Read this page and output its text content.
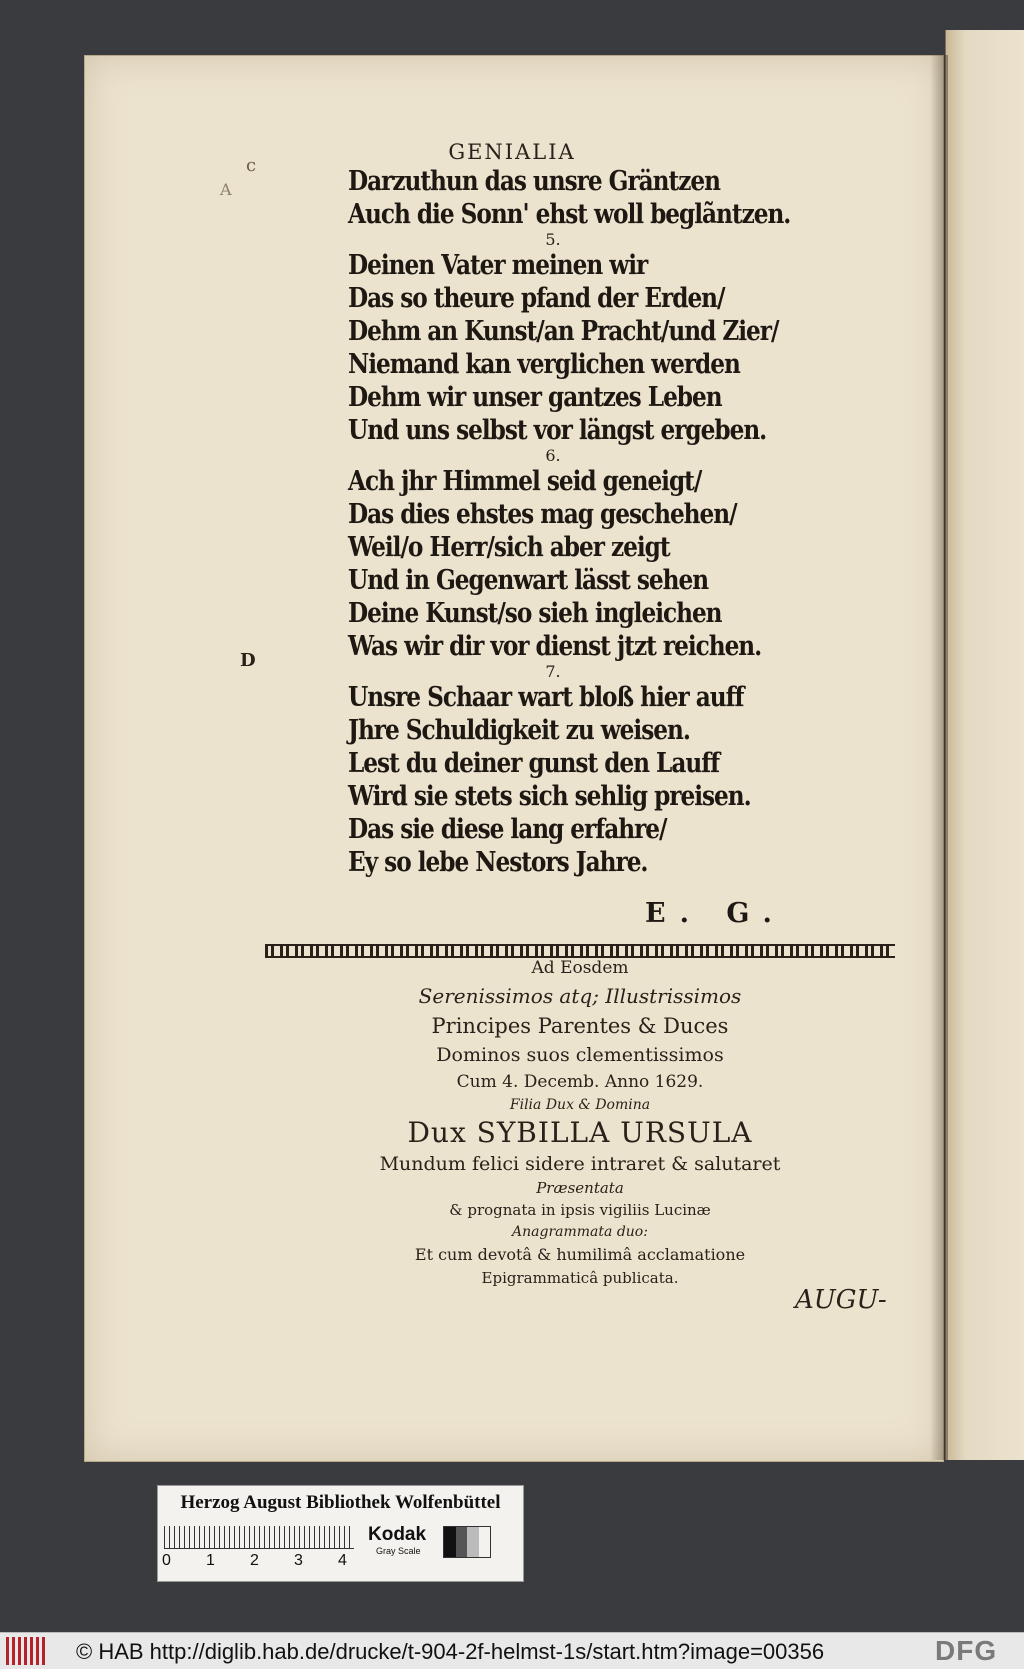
GENIALIA
c
A
D
Darzuthun das unsre Gräntzen
Auch die Sonn' ehst woll beglãntzen.
5.
Deinen Vater meinen wir
Das so theure pfand der Erden/
Dehm an Kunst/an Pracht/und Zier/
Niemand kan verglichen werden
Dehm wir unser gantzes Leben
Und uns selbst vor längst ergeben.
6.
Ach jhr Himmel seid geneigt/
Das dies ehstes mag geschehen/
Weil/o Herr/sich aber zeigt
Und in Gegenwart lässt sehen
Deine Kunst/so sieh ingleichen
Was wir dir vor dienst jtzt reichen.
7.
Unsre Schaar wart bloß hier auff
Jhre Schuldigkeit zu weisen.
Lest du deiner gunst den Lauff
Wird sie stets sich sehlig preisen.
Das sie diese lang erfahre/
Ey so lebe Nestors Jahre.
E. G.
Ad Eosdem
Serenissimos atq; Illustrissimos
Principes Parentes & Duces
Dominos suos clementissimos
Cum 4. Decemb. Anno 1629.
Filia Dux & Domina
Dux SYBILLA URSULA
Mundum felici sidere intraret & salutaret
Præsentata
& prognata in ipsis vigiliis Lucinæ
Anagrammata duo:
Et cum devotâ & humilimâ acclamatione
Epigrammaticâ publicata.
AUGU-
Herzog August Bibliothek Wolfenbüttel
0 1 2 3 4
Kodak
Gray Scale
© HAB http://diglib.hab.de/drucke/t-904-2f-helmst-1s/start.htm?image=00356	DFG
